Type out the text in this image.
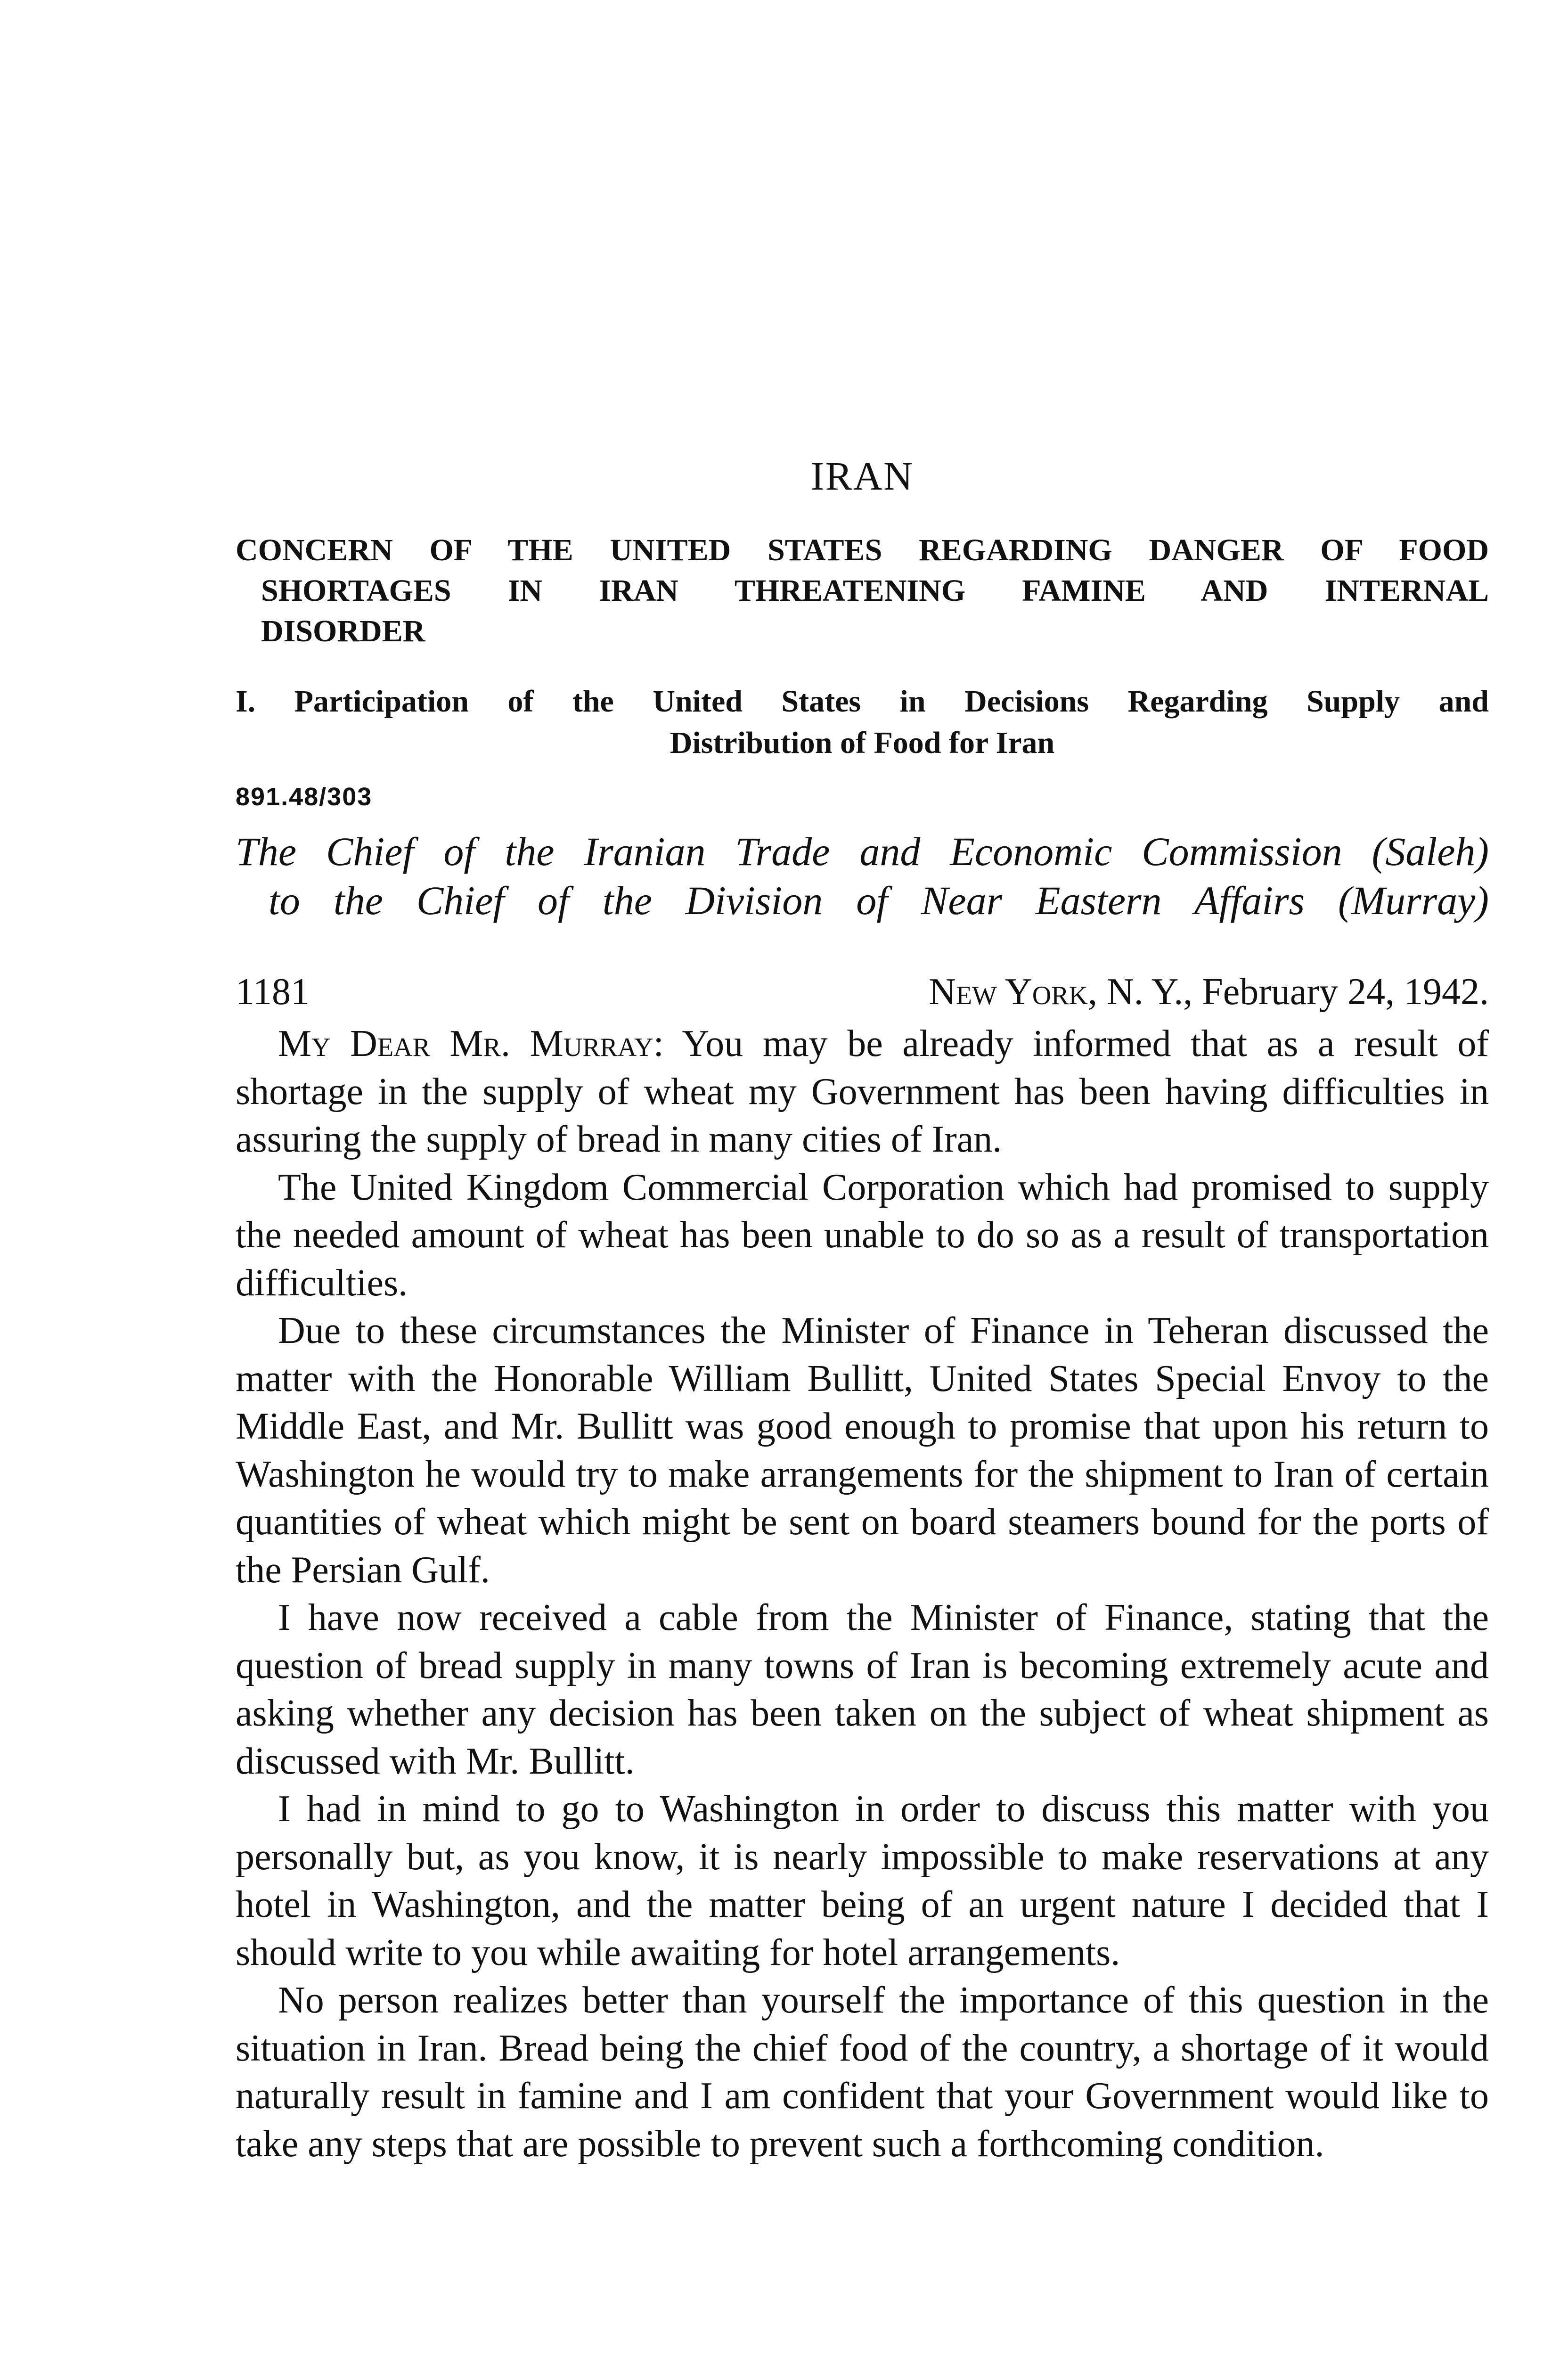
IRAN
CONCERN OF THE UNITED STATES REGARDING DANGER OF FOOD
SHORTAGES IN IRAN THREATENING FAMINE AND INTERNAL
DISORDER
I. Participation of the United States in Decisions Regarding Supply and
Distribution of Food for Iran
891.48/303
The Chief of the Iranian Trade and Economic Commission (Saleh)
to the Chief of the Division of Near Eastern Affairs (Murray)
1181	New York, N. Y., February 24, 1942.

My Dear Mr. Murray: You may be already informed that as a result of shortage in the supply of wheat my Government has been having difficulties in assuring the supply of bread in many cities of Iran.

The United Kingdom Commercial Corporation which had promised to supply the needed amount of wheat has been unable to do so as a result of transportation difficulties.

Due to these circumstances the Minister of Finance in Teheran discussed the matter with the Honorable William Bullitt, United States Special Envoy to the Middle East, and Mr. Bullitt was good enough to promise that upon his return to Washington he would try to make arrangements for the shipment to Iran of certain quantities of wheat which might be sent on board steamers bound for the ports of the Persian Gulf.

I have now received a cable from the Minister of Finance, stating that the question of bread supply in many towns of Iran is becoming extremely acute and asking whether any decision has been taken on the subject of wheat shipment as discussed with Mr. Bullitt.

I had in mind to go to Washington in order to discuss this matter with you personally but, as you know, it is nearly impossible to make reservations at any hotel in Washington, and the matter being of an urgent nature I decided that I should write to you while awaiting for hotel arrangements.

No person realizes better than yourself the importance of this question in the situation in Iran. Bread being the chief food of the country, a shortage of it would naturally result in famine and I am confident that your Government would like to take any steps that are possible to prevent such a forthcoming condition.
